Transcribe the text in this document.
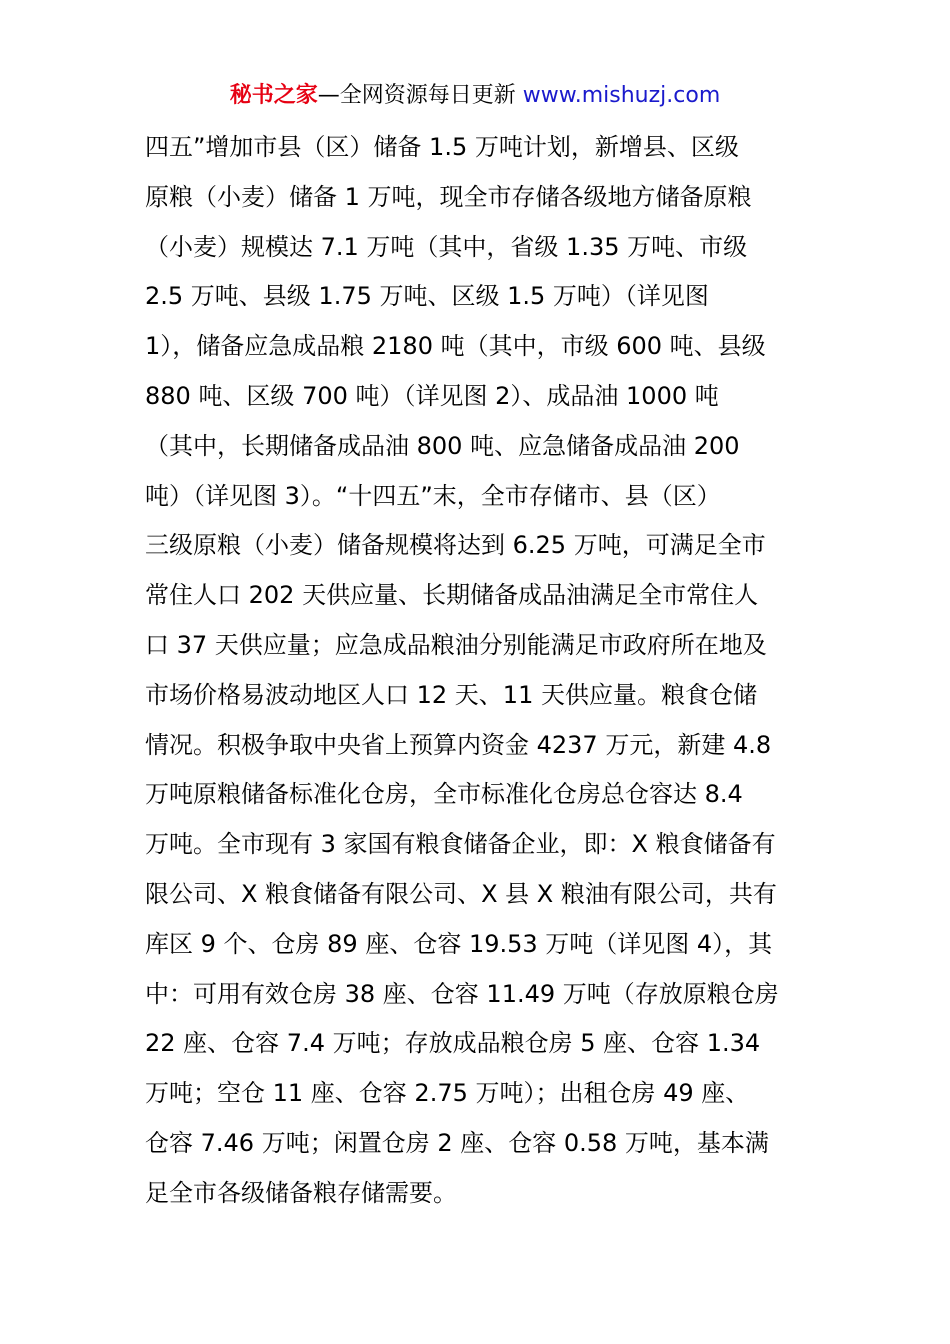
秘书之家—全网资源每日更新 www.mishuzj.com
四五”增加市县（区）储备 1.5 万吨计划，新增县、区级
原粮（小麦）储备 1 万吨，现全市存储各级地方储备原粮
（小麦）规模达 7.1 万吨（其中，省级 1.35 万吨、市级
2.5 万吨、县级 1.75 万吨、区级 1.5 万吨）（详见图
1），储备应急成品粮 2180 吨（其中，市级 600 吨、县级
880 吨、区级 700 吨）（详见图 2）、成品油 1000 吨
（其中，长期储备成品油 800 吨、应急储备成品油 200
吨）（详见图 3）。“十四五”末，全市存储市、县（区）
三级原粮（小麦）储备规模将达到 6.25 万吨，可满足全市
常住人口 202 天供应量、长期储备成品油满足全市常住人
口 37 天供应量；应急成品粮油分别能满足市政府所在地及
市场价格易波动地区人口 12 天、11 天供应量。粮食仓储
情况。积极争取中央省上预算内资金 4237 万元，新建 4.8
万吨原粮储备标准化仓房，全市标准化仓房总仓容达 8.4
万吨。全市现有 3 家国有粮食储备企业，即：X 粮食储备有
限公司、X 粮食储备有限公司、X 县 X 粮油有限公司，共有
库区 9 个、仓房 89 座、仓容 19.53 万吨（详见图 4），其
中：可用有效仓房 38 座、仓容 11.49 万吨（存放原粮仓房
22 座、仓容 7.4 万吨；存放成品粮仓房 5 座、仓容 1.34
万吨；空仓 11 座、仓容 2.75 万吨）；出租仓房 49 座、
仓容 7.46 万吨；闲置仓房 2 座、仓容 0.58 万吨，基本满
足全市各级储备粮存储需要。
